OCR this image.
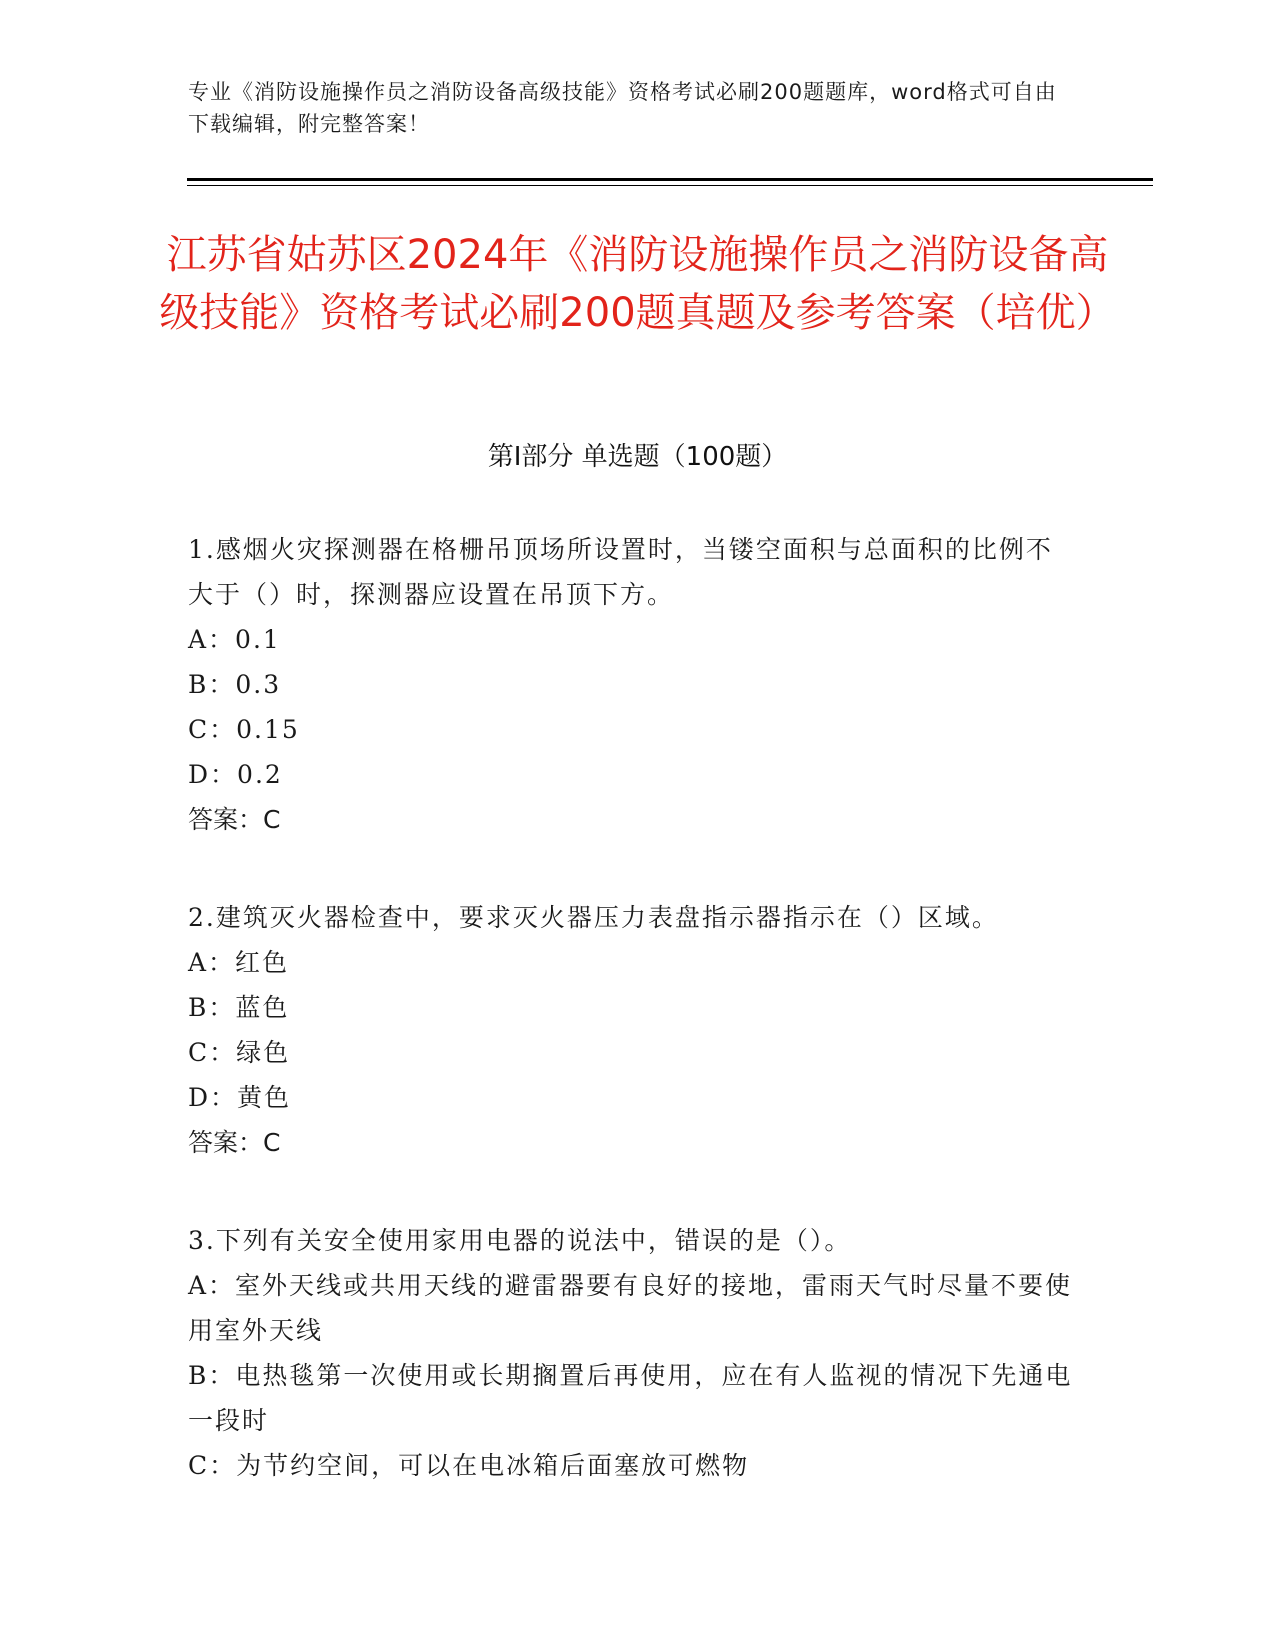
专业《消防设施操作员之消防设备高级技能》资格考试必刷200题题库，word格式可自由下载编辑，附完整答案！
江苏省姑苏区2024年《消防设施操作员之消防设备高级技能》资格考试必刷200题真题及参考答案（培优）
第Ⅰ部分 单选题（100题）

1.感烟火灾探测器在格栅吊顶场所设置时，当镂空面积与总面积的比例不大于（）时，探测器应设置在吊顶下方。

A：0.1

B：0.3

C：0.15

D：0.2

答案：C

2.建筑灭火器检查中，要求灭火器压力表盘指示器指示在（）区域。

A：红色

B：蓝色

C：绿色

D：黄色

答案：C

3.下列有关安全使用家用电器的说法中，错误的是（）。

A：室外天线或共用天线的避雷器要有良好的接地，雷雨天气时尽量不要使用室外天线

B：电热毯第一次使用或长期搁置后再使用，应在有人监视的情况下先通电一段时

C：为节约空间，可以在电冰箱后面塞放可燃物
